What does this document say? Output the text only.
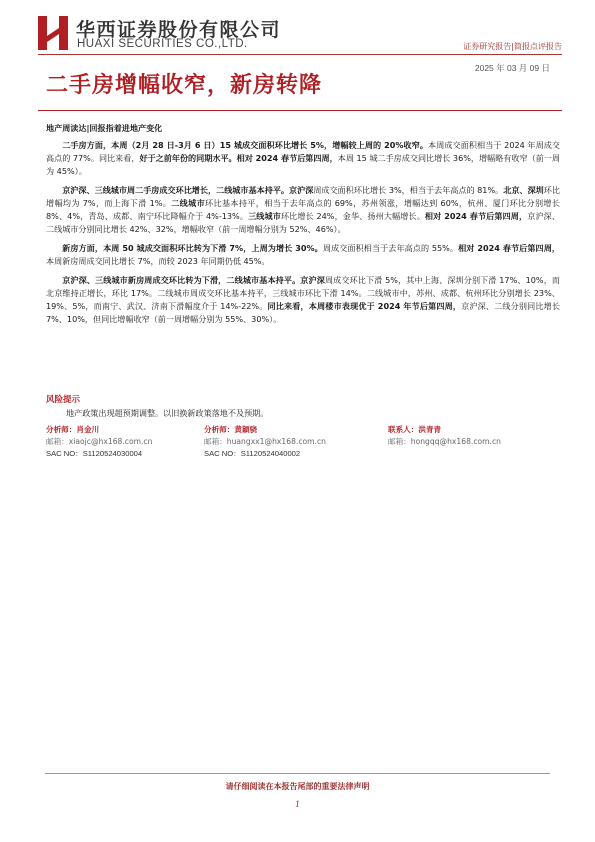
华西证券股份有限公司
HUAXI SECURITIES CO.,LTD.	证券研究报告|简报点评报告
2025 年 03 月 09 日
二手房增幅收窄，新房转降
地产周读达|回报指着进地产变化

二手房方面，本周（2月 28 日-3月 6 日）15 城成交面积环比增长 5%，增幅较上周的 20%收窄。本周成交面积相当于 2024 年周成交高点的 77%。同比来看，好于之前年份的同期水平。相对 2024 春节后第四周，本周 15 城二手房成交同比增长 36%，增幅略有收窄（前一周为 45%）。

京沪深、三线城市周二手房成交环比增长，二线城市基本持平。京沪深周成交面积环比增长 3%，相当于去年高点的 81%。北京、深圳环比增幅均为 7%，而上海下滑 1%。二线城市环比基本持平，相当于去年高点的 69%，苏州领涨，增幅达到 60%，杭州、厦门环比分别增长 8%、4%，青岛、成都、南宁环比降幅介于 4%-13%。三线城市环比增长 24%，金华、扬州大幅增长。相对 2024 春节后第四周，京沪深、二线城市分别同比增长 42%、32%，增幅收窄（前一周增幅分别为 52%、46%）。

新房方面，本周 50 城成交面积环比转为下滑 7%，上周为增长 30%。周成交面积相当于去年高点的 55%。相对 2024 春节后第四周，本周新房周成交同比增长 7%，而较 2023 年同期仍低 45%。

京沪深、三线城市新房周成交环比转为下滑，二线城市基本持平。京沪深周成交环比下滑 5%，其中上海、深圳分别下滑 17%、10%，而北京维持正增长，环比 17%。二线城市周成交环比基本持平，三线城市环比下滑 14%。二线城市中，苏州、成都、杭州环比分别增长 23%、19%、5%，而南宁、武汉、济南下滑幅度介于 14%-22%。同比来看，本周楼市表现优于 2024 年节后第四周，京沪深、二线分别同比增长 7%、10%，但同比增幅收窄（前一周增幅分别为 55%、30%）。

风险提示
地产政策出现超预期调整。以旧换新政策落地不及预期。
分析师：肖金川
邮箱：xiaojc@hx168.com.cn
SAC NO：S1120524030004
分析师：黄颖骁
邮箱：huangxx1@hx168.com.cn
SAC NO：S1120524040002
联系人：洪青青
邮箱：hongqq@hx168.com.cn
请仔细阅读在本报告尾部的重要法律声明
1
